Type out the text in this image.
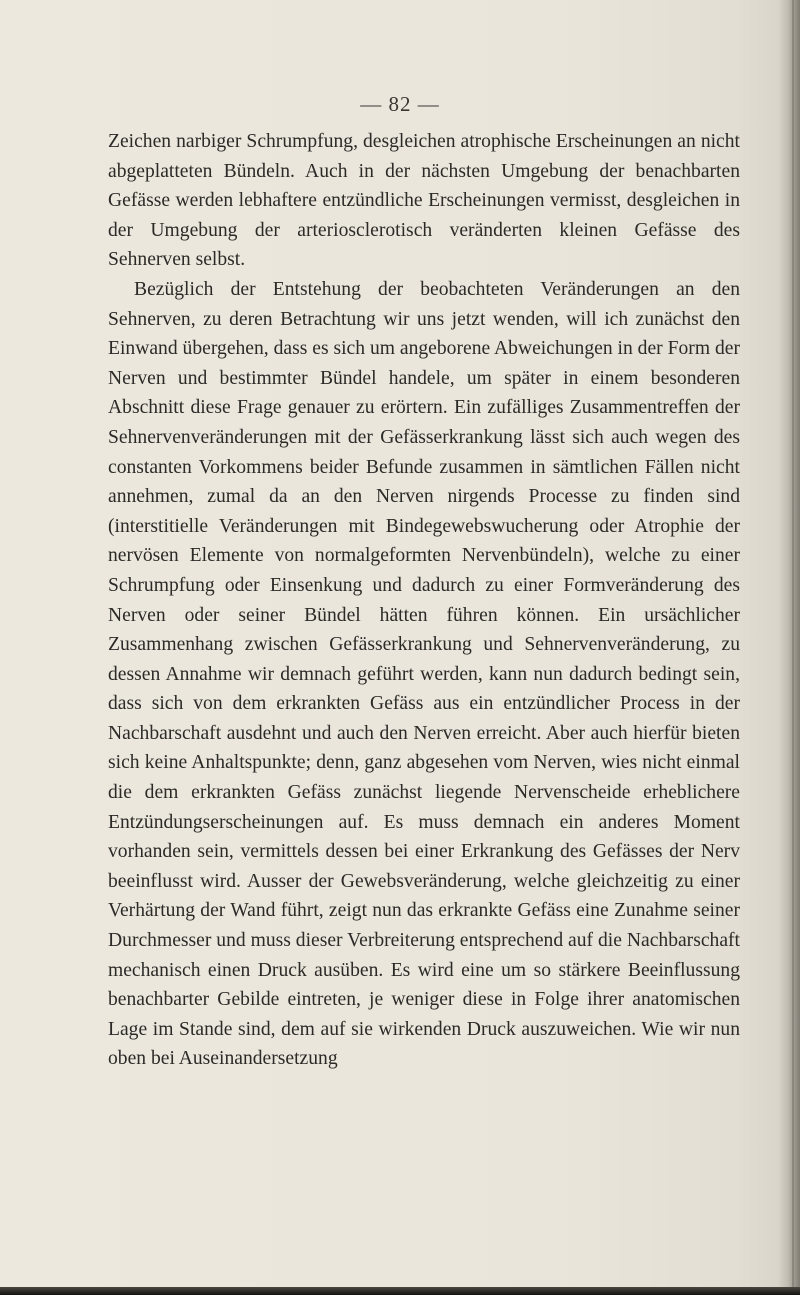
— 82 —

Zeichen narbiger Schrumpfung, desgleichen atrophische Erscheinungen an nicht abgeplatteten Bündeln. Auch in der nächsten Umgebung der benachbarten Gefässe werden lebhaftere entzündliche Erscheinungen vermisst, desgleichen in der Umgebung der arteriosclerotisch veränderten kleinen Gefässe des Sehnerven selbst.

Bezüglich der Entstehung der beobachteten Veränderungen an den Sehnerven, zu deren Betrachtung wir uns jetzt wenden, will ich zunächst den Einwand übergehen, dass es sich um angeborene Abweichungen in der Form der Nerven und bestimmter Bündel handele, um später in einem besonderen Abschnitt diese Frage genauer zu erörtern. Ein zufälliges Zusammentreffen der Sehnervenveränderungen mit der Gefässerkrankung lässt sich auch wegen des constanten Vorkommens beider Befunde zusammen in sämtlichen Fällen nicht annehmen, zumal da an den Nerven nirgends Processe zu finden sind (interstitielle Veränderungen mit Bindegewebswucherung oder Atrophie der nervösen Elemente von normalgeformten Nervenbündeln), welche zu einer Schrumpfung oder Einsenkung und dadurch zu einer Formveränderung des Nerven oder seiner Bündel hätten führen können. Ein ursächlicher Zusammenhang zwischen Gefässerkrankung und Sehnervenveränderung, zu dessen Annahme wir demnach geführt werden, kann nun dadurch bedingt sein, dass sich von dem erkrankten Gefäss aus ein entzündlicher Process in der Nachbarschaft ausdehnt und auch den Nerven erreicht. Aber auch hierfür bieten sich keine Anhaltspunkte; denn, ganz abgesehen vom Nerven, wies nicht einmal die dem erkrankten Gefäss zunächst liegende Nervenscheide erheblichere Entzündungserscheinungen auf. Es muss demnach ein anderes Moment vorhanden sein, vermittels dessen bei einer Erkrankung des Gefässes der Nerv beeinflusst wird. Ausser der Gewebsveränderung, welche gleichzeitig zu einer Verhärtung der Wand führt, zeigt nun das erkrankte Gefäss eine Zunahme seiner Durchmesser und muss dieser Verbreiterung entsprechend auf die Nachbarschaft mechanisch einen Druck ausüben. Es wird eine um so stärkere Beeinflussung benachbarter Gebilde eintreten, je weniger diese in Folge ihrer anatomischen Lage im Stande sind, dem auf sie wirkenden Druck auszuweichen. Wie wir nun oben bei Auseinandersetzung
